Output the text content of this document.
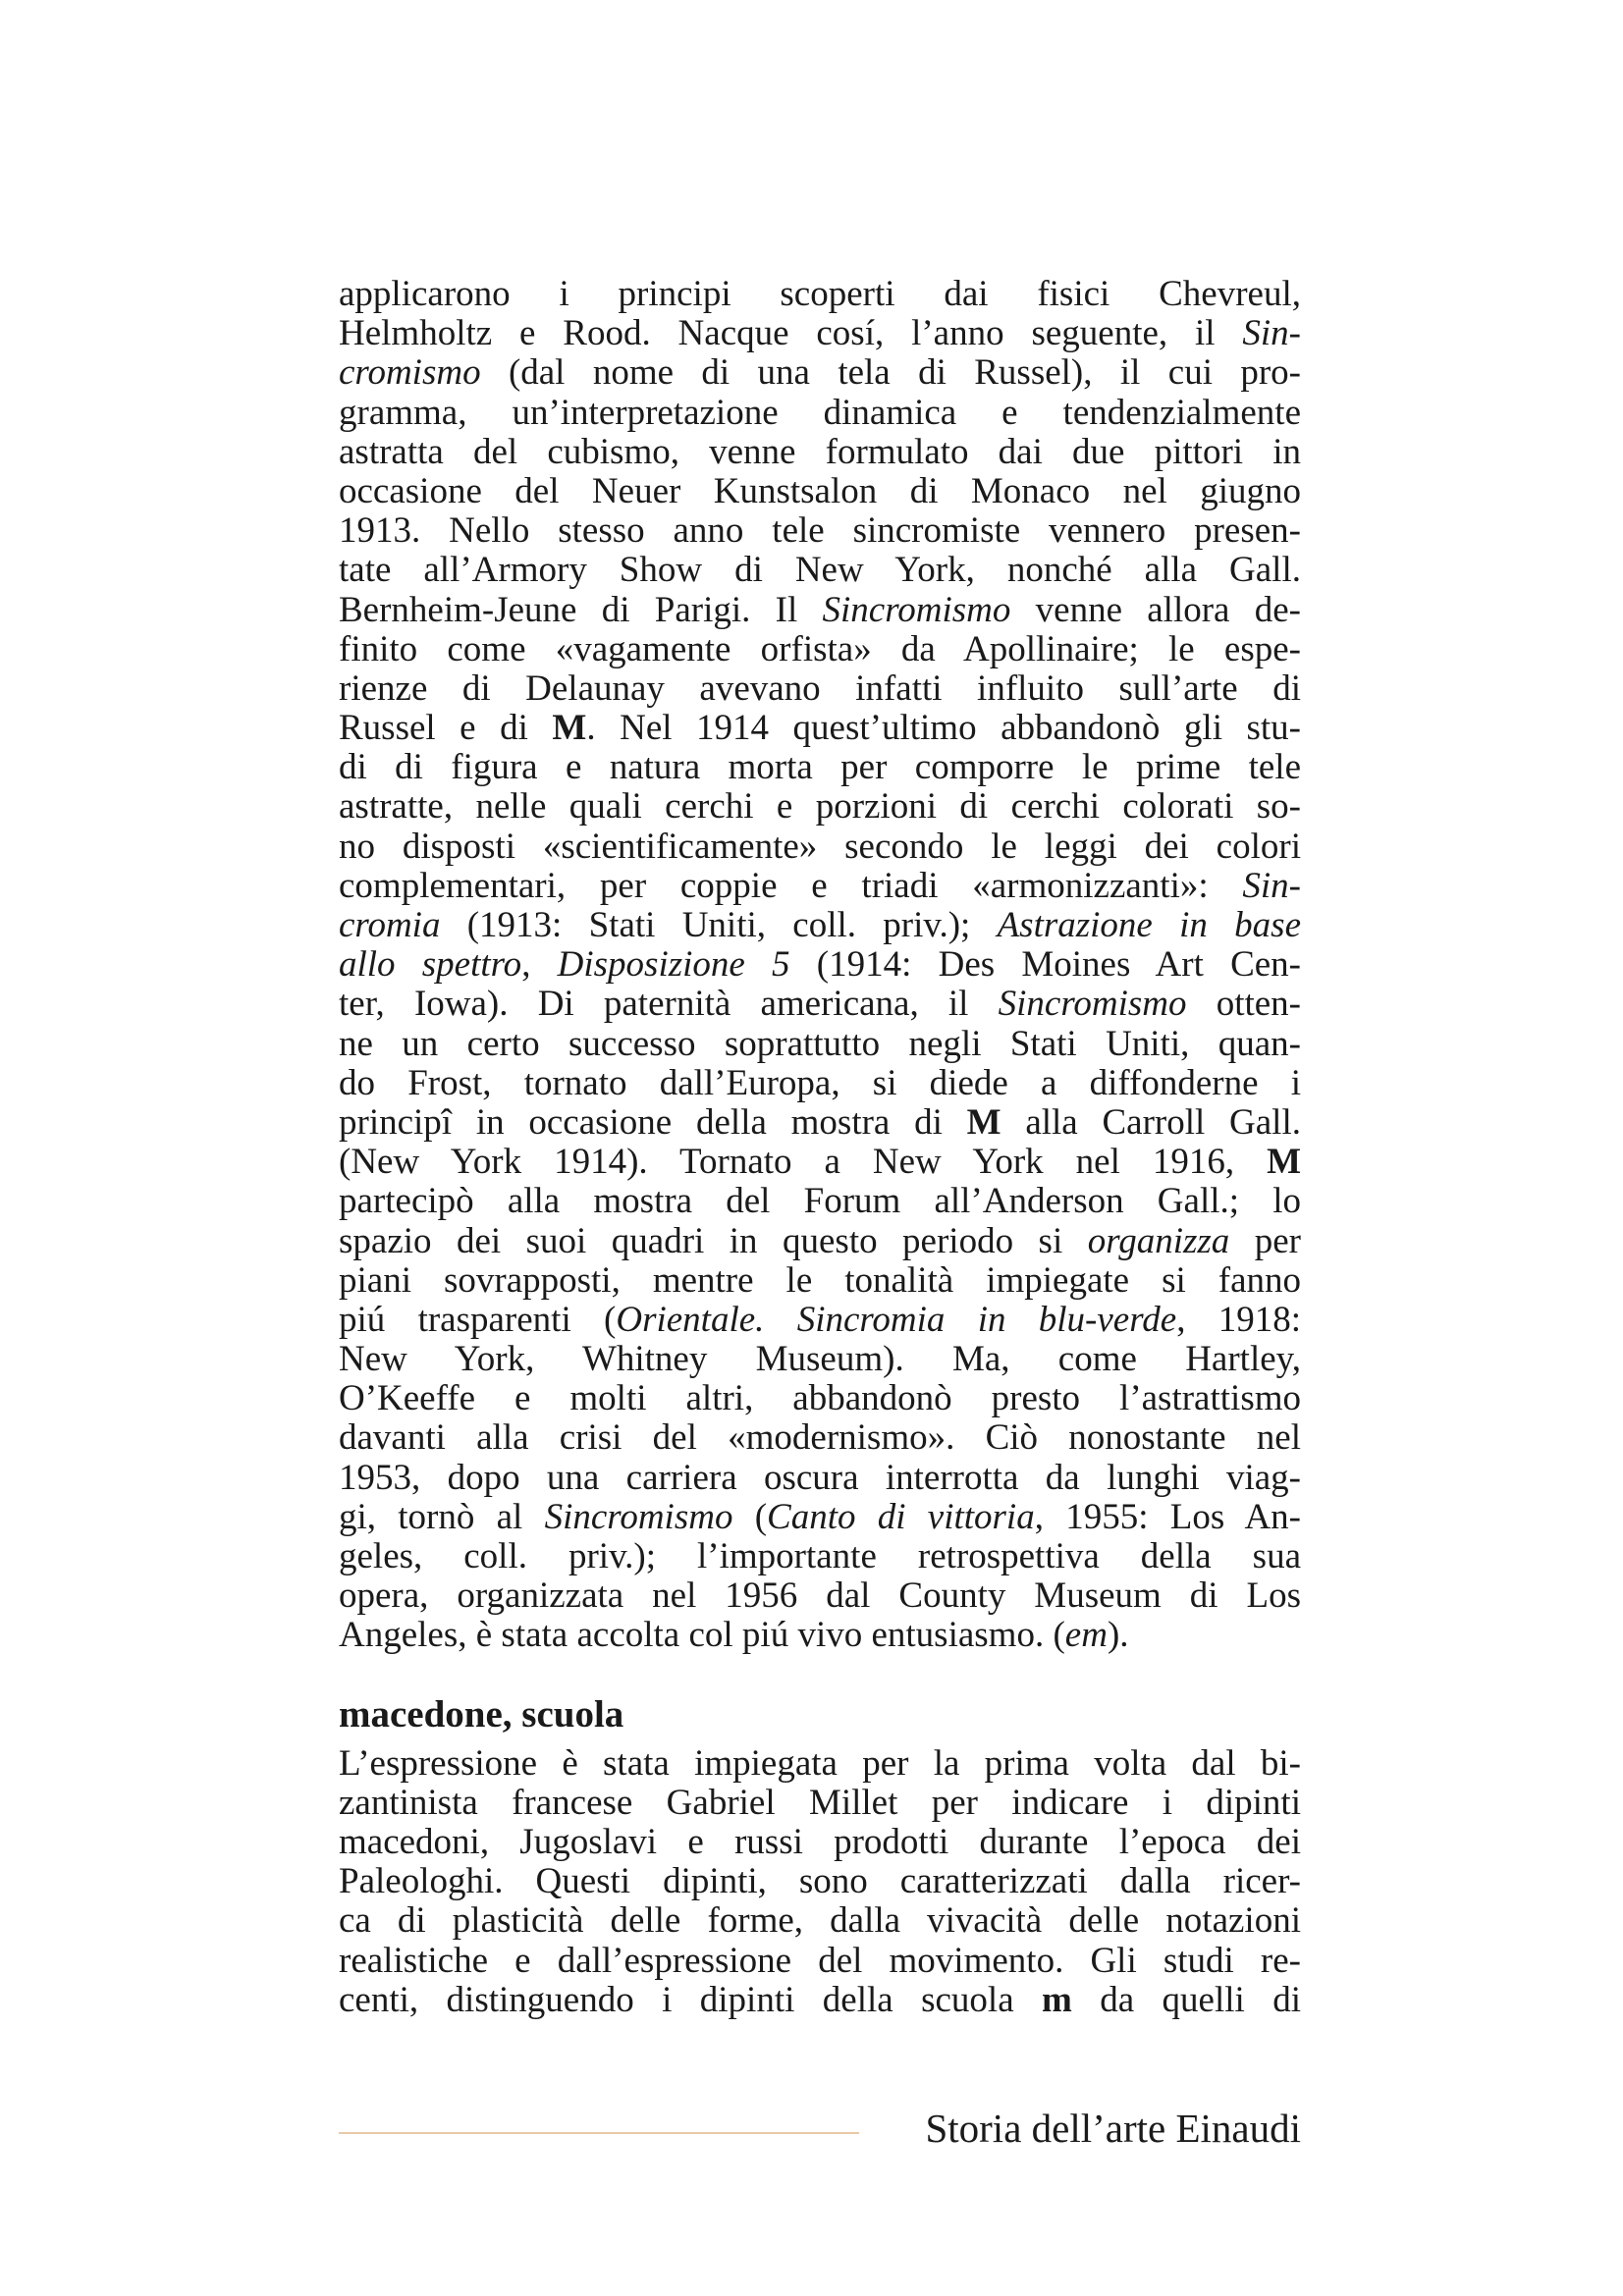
applicarono i principi scoperti dai fisici Chevreul,
Helmholtz e Rood. Nacque cosí, l’anno seguente, il Sin-
cromismo (dal nome di una tela di Russel), il cui pro-
gramma, un’interpretazione dinamica e tendenzialmente
astratta del cubismo, venne formulato dai due pittori in
occasione del Neuer Kunstsalon di Monaco nel giugno
1913. Nello stesso anno tele sincromiste vennero presen-
tate all’Armory Show di New York, nonché alla Gall.
Bernheim-Jeune di Parigi. Il Sincromismo venne allora de-
finito come «vagamente orfista» da Apollinaire; le espe-
rienze di Delaunay avevano infatti influito sull’arte di
Russel e di M. Nel 1914 quest’ultimo abbandonò gli stu-
di di figura e natura morta per comporre le prime tele
astratte, nelle quali cerchi e porzioni di cerchi colorati so-
no disposti «scientificamente» secondo le leggi dei colori
complementari, per coppie e triadi «armonizzanti»: Sin-
cromia (1913: Stati Uniti, coll. priv.); Astrazione in base
allo spettro, Disposizione 5 (1914: Des Moines Art Cen-
ter, Iowa). Di paternità americana, il Sincromismo otten-
ne un certo successo soprattutto negli Stati Uniti, quan-
do Frost, tornato dall’Europa, si diede a diffonderne i
principî in occasione della mostra di M alla Carroll Gall.
(New York 1914). Tornato a New York nel 1916, M
partecipò alla mostra del Forum all’Anderson Gall.; lo
spazio dei suoi quadri in questo periodo si organizza per
piani sovrapposti, mentre le tonalità impiegate si fanno
piú trasparenti (Orientale. Sincromia in blu-verde, 1918:
New York, Whitney Museum). Ma, come Hartley,
O’Keeffe e molti altri, abbandonò presto l’astrattismo
davanti alla crisi del «modernismo». Ciò nonostante nel
1953, dopo una carriera oscura interrotta da lunghi viag-
gi, tornò al Sincromismo (Canto di vittoria, 1955: Los An-
geles, coll. priv.); l’importante retrospettiva della sua
opera, organizzata nel 1956 dal County Museum di Los
Angeles, è stata accolta col piú vivo entusiasmo. (em).
macedone, scuola
L’espressione è stata impiegata per la prima volta dal bi-
zantinista francese Gabriel Millet per indicare i dipinti
macedoni, Jugoslavi e russi prodotti durante l’epoca dei
Paleologhi. Questi dipinti, sono caratterizzati dalla ricer-
ca di plasticità delle forme, dalla vivacità delle notazioni
realistiche e dall’espressione del movimento. Gli studi re-
centi, distinguendo i dipinti della scuola m da quelli di
Storia dell’arte Einaudi
